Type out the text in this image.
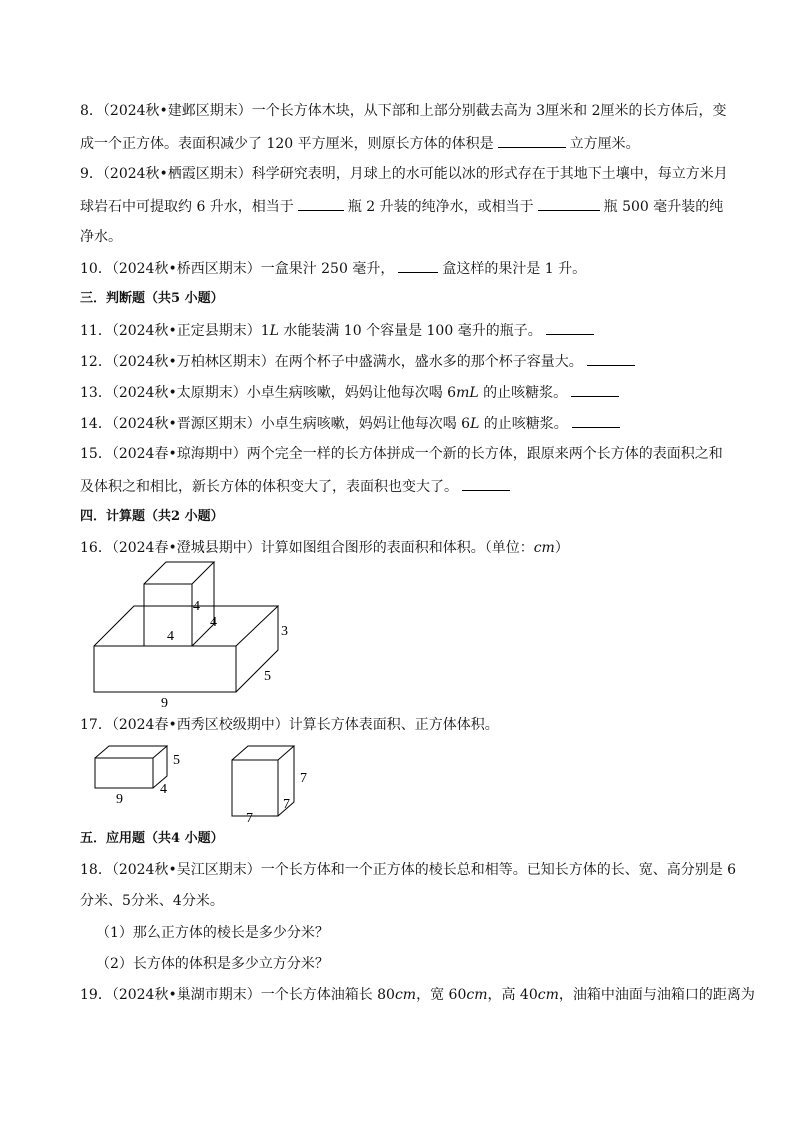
8．（2024秋•建邺区期末）一个长方体木块，从下部和上部分别截去高为 3厘米和 2厘米的长方体后，变
成一个正方体。表面积减少了 120 平方厘米，则原长方体的体积是	立方厘米。
9．（2024秋•栖霞区期末）科学研究表明，月球上的水可能以冰的形式存在于其地下土壤中，每立方米月
球岩石中可提取约 6 升水，相当于	瓶 2 升装的纯净水，或相当于	瓶 500 毫升装的纯
净水。
10．（2024秋•桥西区期末）一盒果汁 250 毫升，	盒这样的果汁是 1 升。
三．判断题（共5 小题）
11．（2024秋•正定县期末）1L 水能装满 10 个容量是 100 毫升的瓶子。
12．（2024秋•万柏林区期末）在两个杯子中盛满水，盛水多的那个杯子容量大。
13．（2024秋•太原期末）小卓生病咳嗽，妈妈让他每次喝 6mL 的止咳糖浆。
14．（2024秋•晋源区期末）小卓生病咳嗽，妈妈让他每次喝 6L 的止咳糖浆。
15．（2024春•琼海期中）两个完全一样的长方体拼成一个新的长方体，跟原来两个长方体的表面积之和
及体积之和相比，新长方体的体积变大了，表面积也变大了。
四．计算题（共2 小题）
16．（2024春•澄城县期中）计算如图组合图形的表面积和体积。（单位：cm）
4
4
4	3
5
9
17．（2024春•西秀区校级期中）计算长方体表面积、正方体体积。
5
4
9
7
7
7
五．应用题（共4 小题）
18．（2024秋•吴江区期末）一个长方体和一个正方体的棱长总和相等。已知长方体的长、宽、高分别是 6
分米、5分米、4分米。
（1）那么正方体的棱长是多少分米？
（2）长方体的体积是多少立方分米？
19．（2024秋•巢湖市期末）一个长方体油箱长 80cm，宽 60cm，高 40cm，油箱中油面与油箱口的距离为
